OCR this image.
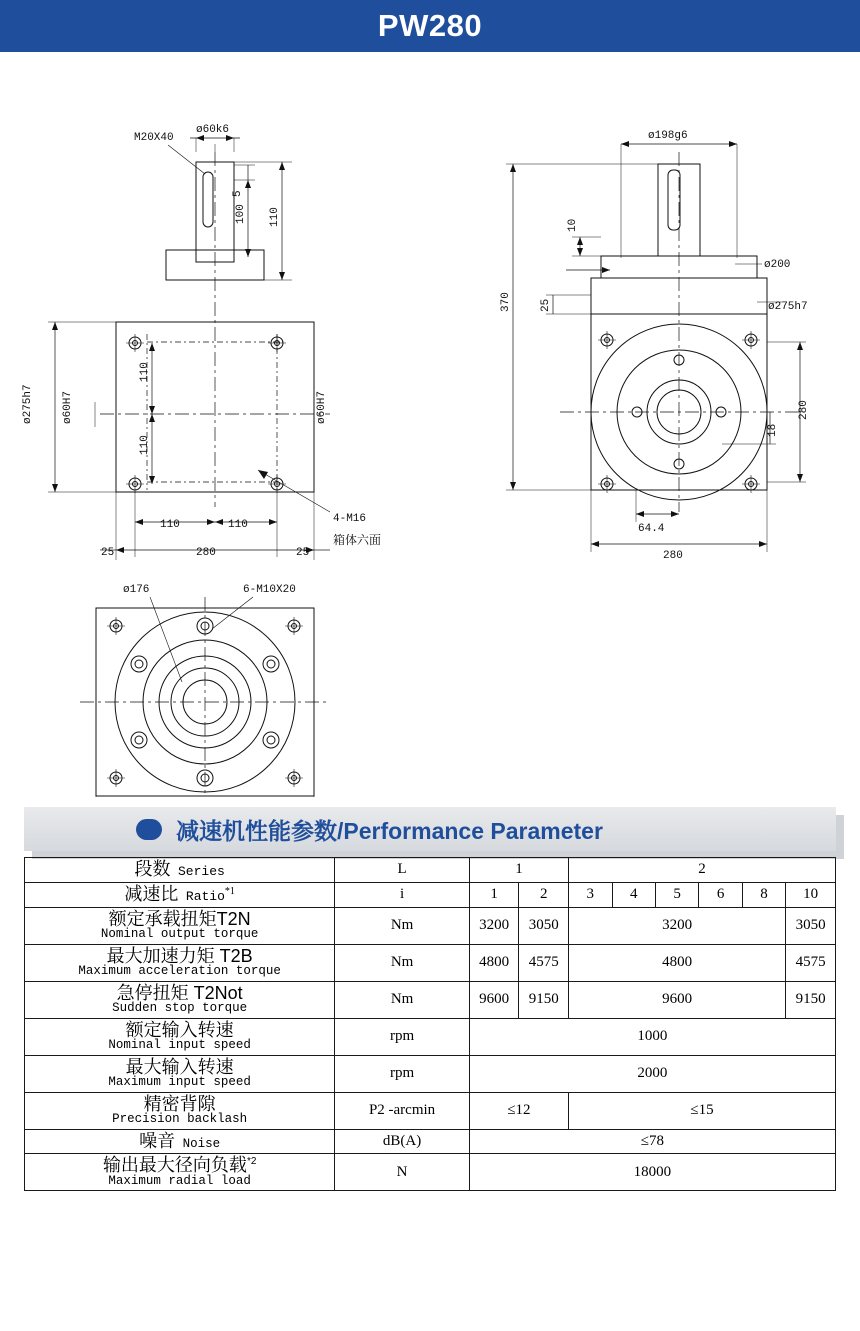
PW280
M20X40
ø60k6
5
100 110
ø275h7	ø60H7	ø60H7
110
110
110	110
25	280	25
4-M16
箱体六面
ø198g6
10
ø200
ø275h7
370	25
280
18
64.4
280
ø176	6-M10X20
减速机性能参数/Performance Parameter
段数 Series	L	1		2					
减速比 Ratio$^{*1}$	i	1	2	3	4	5	6	8	10

额定承载扭矩T2N
Nominal output torque	Nm	3200	3050	3200					3050

最大加速力矩 T2B
Maximum acceleration torque	Nm	4800	4575	4800					4575

急停扭矩 T2Not
Sudden stop torque	Nm	9600	9150	9600					9150

额定输入转速
Nominal input speed	rpm	1000							

最大输入转速
Maximum input speed	rpm	2000							

精密背隙
Precision backlash	P2 -arcmin	≤12		≤15					
噪音 Noise	dB(A)	≤78							

输出最大径向负载$^{*2}$
Maximum radial load	N	18000							
